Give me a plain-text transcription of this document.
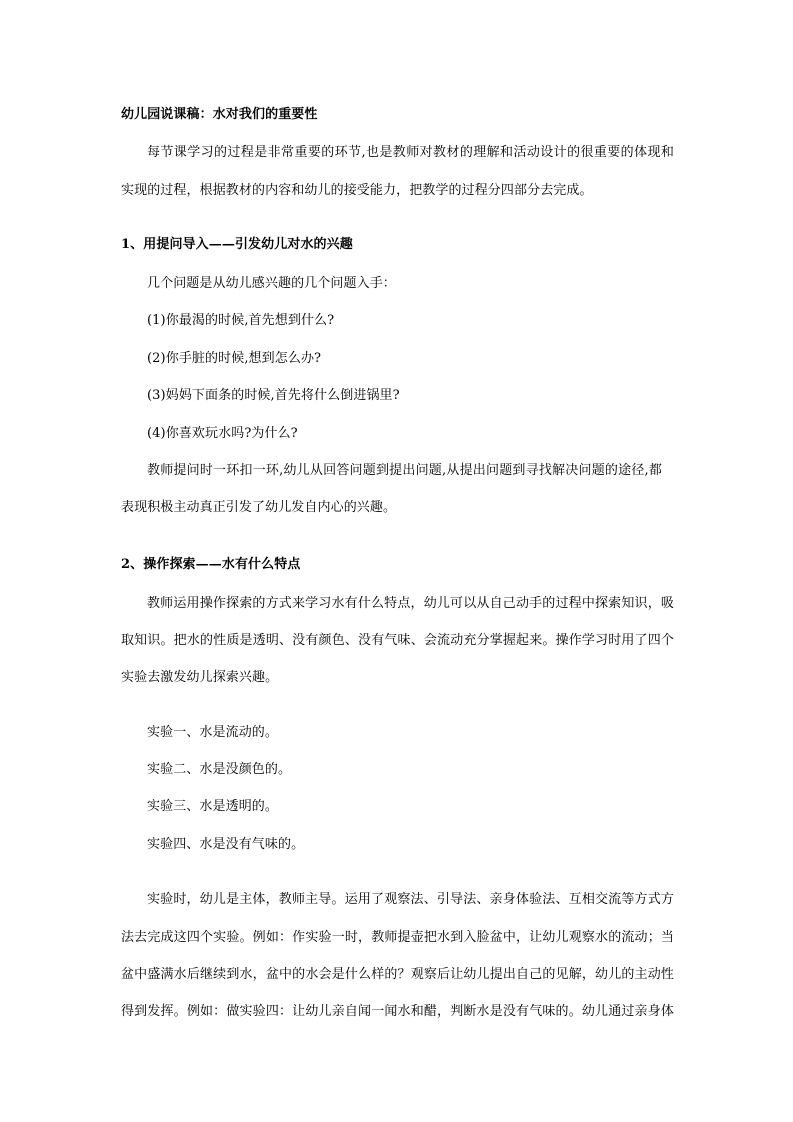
幼儿园说课稿：水对我们的重要性
每节课学习的过程是非常重要的环节,也是教师对教材的理解和活动设计的很重要的体现和
实现的过程，根据教材的内容和幼儿的接受能力，把教学的过程分四部分去完成。
1、用提问导入——引发幼儿对水的兴趣
几个问题是从幼儿感兴趣的几个问题入手：
(1)你最渴的时候,首先想到什么?
(2)你手脏的时候,想到怎么办?
(3)妈妈下面条的时候,首先将什么倒进锅里?
(4)你喜欢玩水吗?为什么?
教师提问时一环扣一环,幼儿从回答问题到提出问题,从提出问题到寻找解决问题的途径,都
表现积极主动真正引发了幼儿发自内心的兴趣。
2、操作探索——水有什么特点
教师运用操作探索的方式来学习水有什么特点，幼儿可以从自己动手的过程中探索知识，吸
取知识。把水的性质是透明、没有颜色、没有气味、会流动充分掌握起来。操作学习时用了四个
实验去激发幼儿探索兴趣。
实验一、水是流动的。
实验二、水是没颜色的。
实验三、水是透明的。
实验四、水是没有气味的。
实验时，幼儿是主体，教师主导。运用了观察法、引导法、亲身体验法、互相交流等方式方
法去完成这四个实验。例如：作实验一时，教师提壶把水到入脸盆中，让幼儿观察水的流动；当
盆中盛满水后继续到水，盆中的水会是什么样的？观察后让幼儿提出自己的见解，幼儿的主动性
得到发挥。例如：做实验四：让幼儿亲自闻一闻水和醋，判断水是没有气味的。幼儿通过亲身体
